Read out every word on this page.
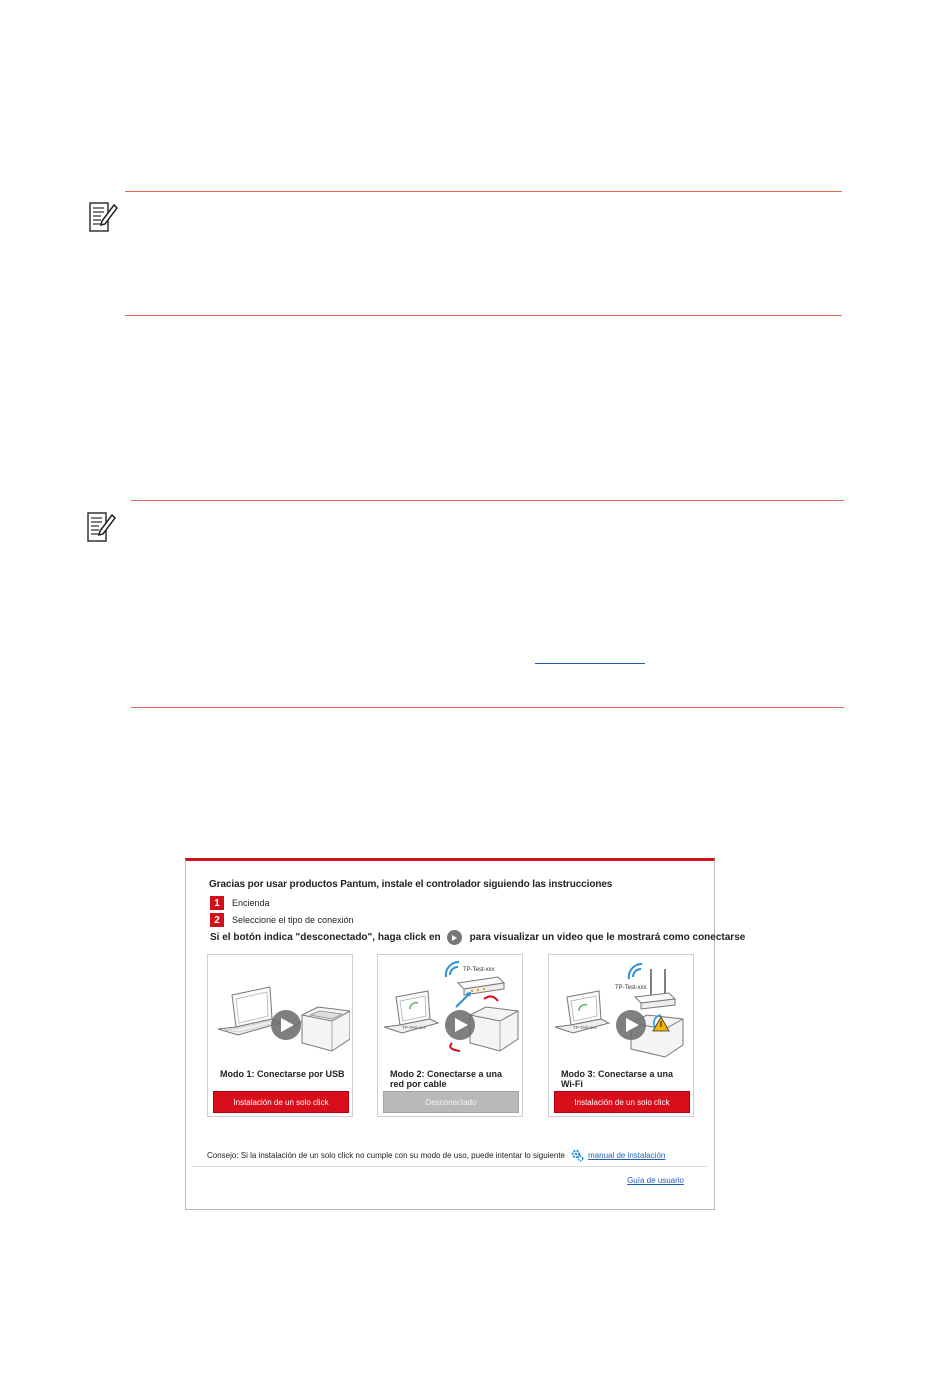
Gracias por usar productos Pantum, instale el controlador siguiendo las instrucciones
1	Encienda
2	Seleccione el tipo de conexión
Si el botón indica "desconectado", haga click en	para visualizar un video que le mostrará como conectarse
Modo 1: Conectarse por USB
Instalación de un solo click
TP-Test-xxx
TP-Test-xxx
Modo 2: Conectarse a una red por cable
Desconectado
TP-Test-xxx
TP-Test-xxx
Modo 3: Conectarse a una Wi-Fi
Instalación de un solo click
Consejo: Si la instalación de un solo click no cumple con su modo de uso, puede intentar lo siguiente	manual de instalación
Guía de usuario
